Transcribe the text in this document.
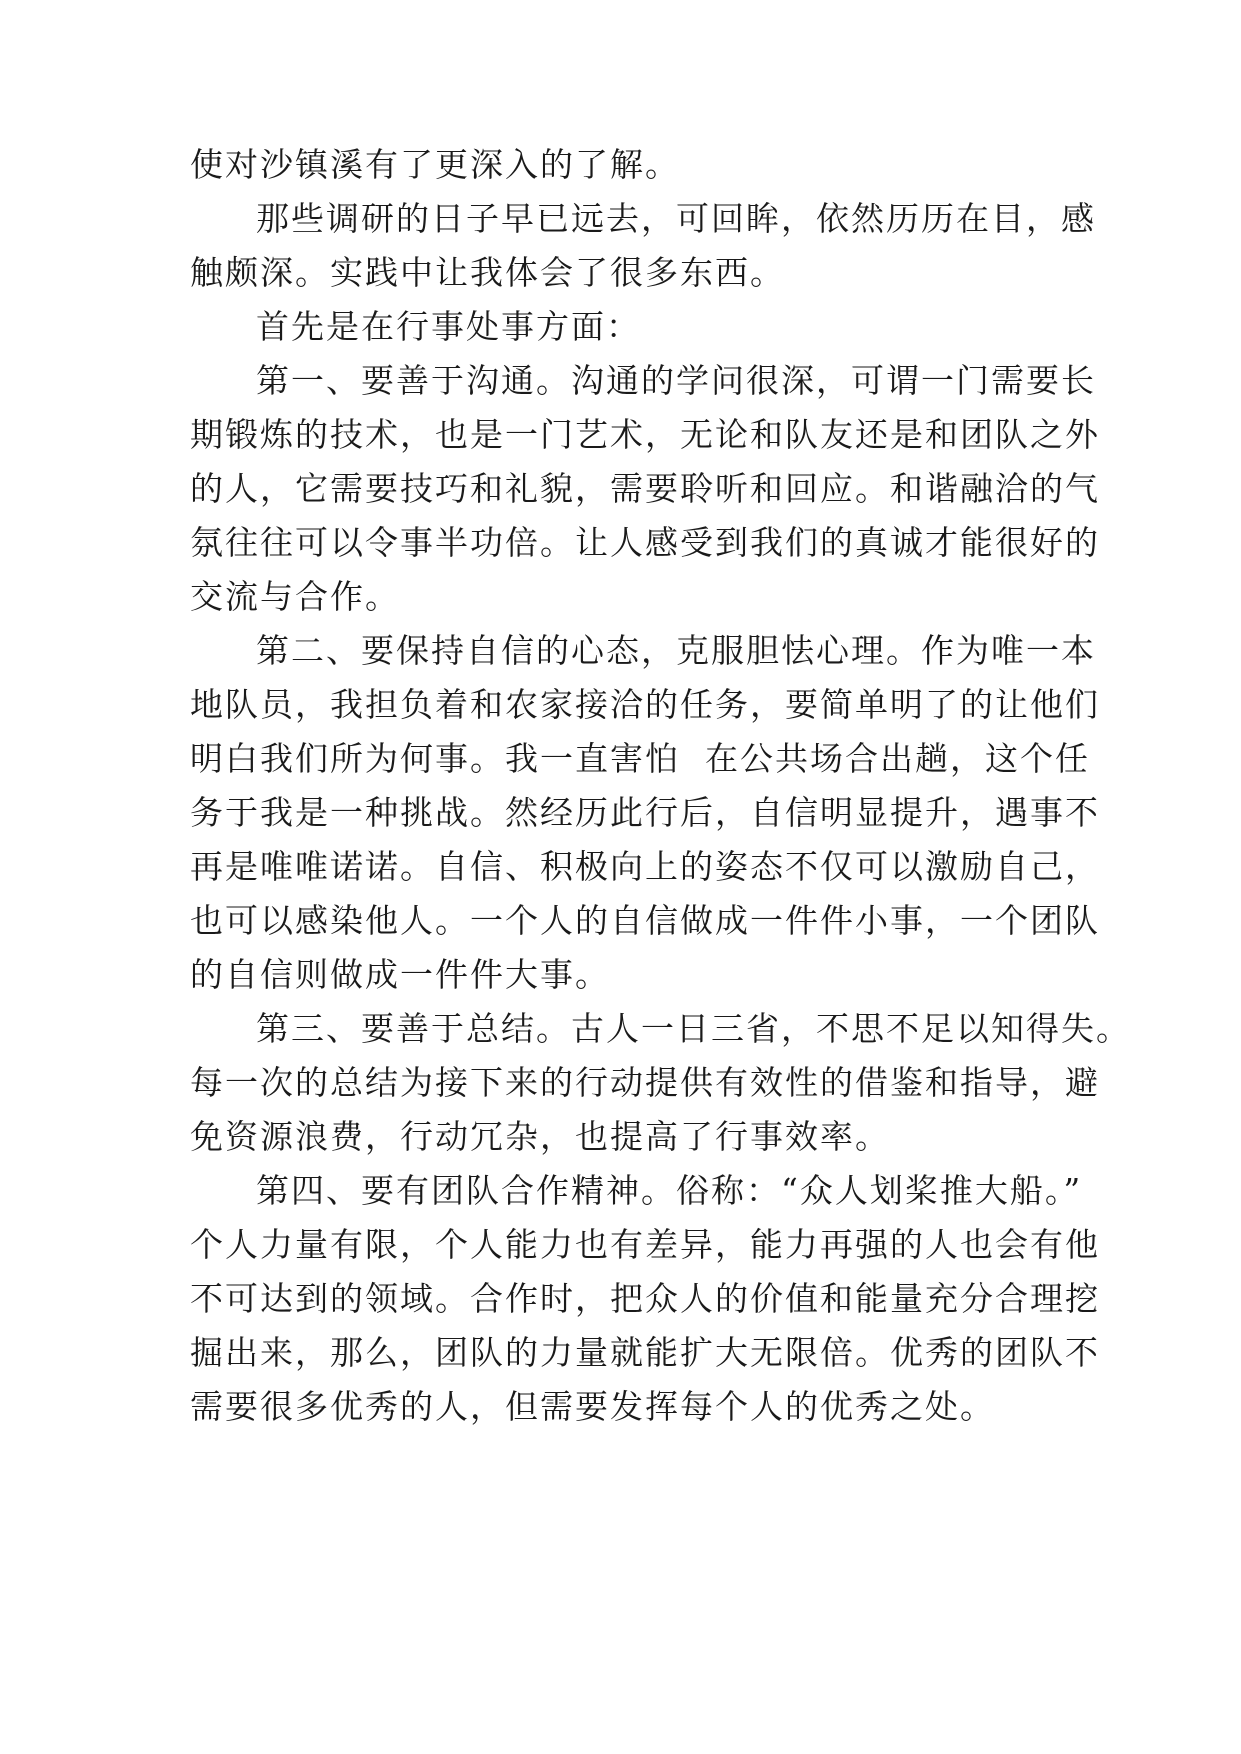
使对沙镇溪有了更深入的了解。
那些调研的日子早已远去，可回眸，依然历历在目，感
触颇深。实践中让我体会了很多东西。
首先是在行事处事方面：
第一、要善于沟通。沟通的学问很深，可谓一门需要长
期锻炼的技术，也是一门艺术，无论和队友还是和团队之外
的人，它需要技巧和礼貌，需要聆听和回应。和谐融洽的气
氛往往可以令事半功倍。让人感受到我们的真诚才能很好的
交流与合作。
第二、要保持自信的心态，克服胆怯心理。作为唯一本
地队员，我担负着和农家接洽的任务，要简单明了的让他们
明白我们所为何事。我一直害怕  在公共场合出趟，这个任
务于我是一种挑战。然经历此行后，自信明显提升，遇事不
再是唯唯诺诺。自信、积极向上的姿态不仅可以激励自己，
也可以感染他人。一个人的自信做成一件件小事，一个团队
的自信则做成一件件大事。
第三、要善于总结。古人一日三省，不思不足以知得失。
每一次的总结为接下来的行动提供有效性的借鉴和指导，避
免资源浪费，行动冗杂，也提高了行事效率。
第四、要有团队合作精神。俗称：“众人划桨推大船。”
个人力量有限，个人能力也有差异，能力再强的人也会有他
不可达到的领域。合作时，把众人的价值和能量充分合理挖
掘出来，那么，团队的力量就能扩大无限倍。优秀的团队不
需要很多优秀的人，但需要发挥每个人的优秀之处。
